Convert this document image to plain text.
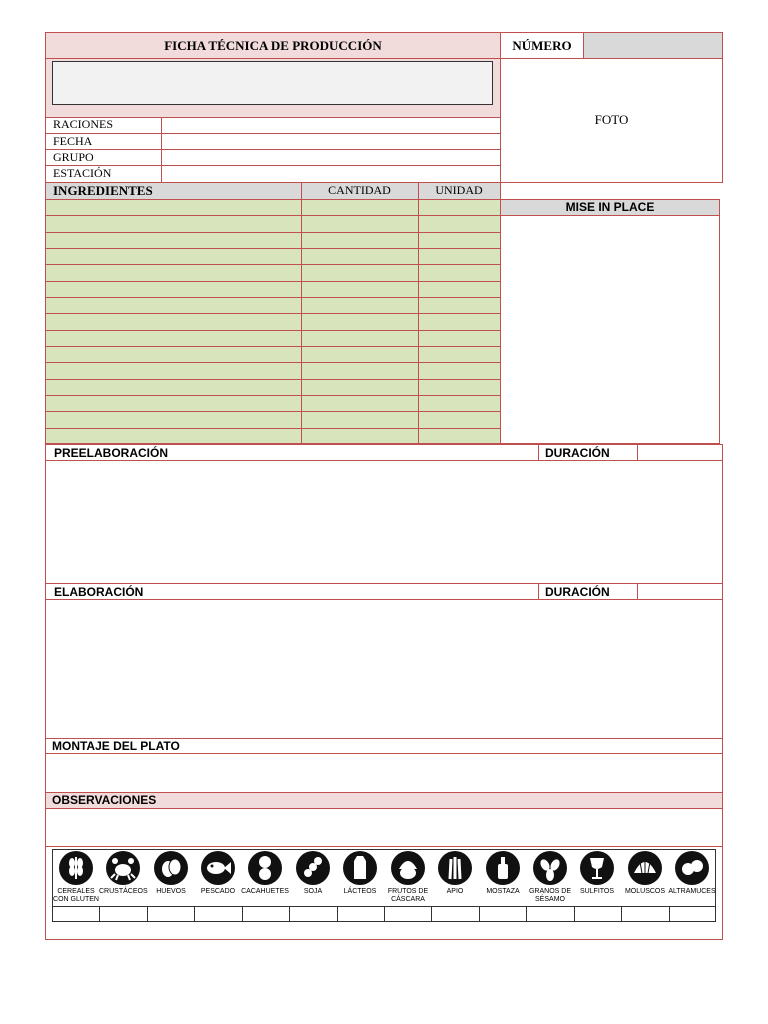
FICHA TÉCNICA DE PRODUCCIÓN	NÚMERO
FOTO
RACIONES
FECHA
GRUPO
ESTACIÓN
INGREDIENTES	CANTIDAD	UNIDAD
MISE IN PLACE
PREELABORACIÓN	DURACIÓN
ELABORACIÓN	DURACIÓN
MONTAJE DEL PLATO
OBSERVACIONES
CEREALES CON GLUTEN
CRUSTÁCEOS	HUEVOS	PESCADO CACAHUETES	SOJA	LÁCTEOS	FRUTOS DE CÁSCARA
APIO	MOSTAZA	GRANOS DE SÉSAMO
SULFITOS	MOLUSCOS ALTRAMUCES
